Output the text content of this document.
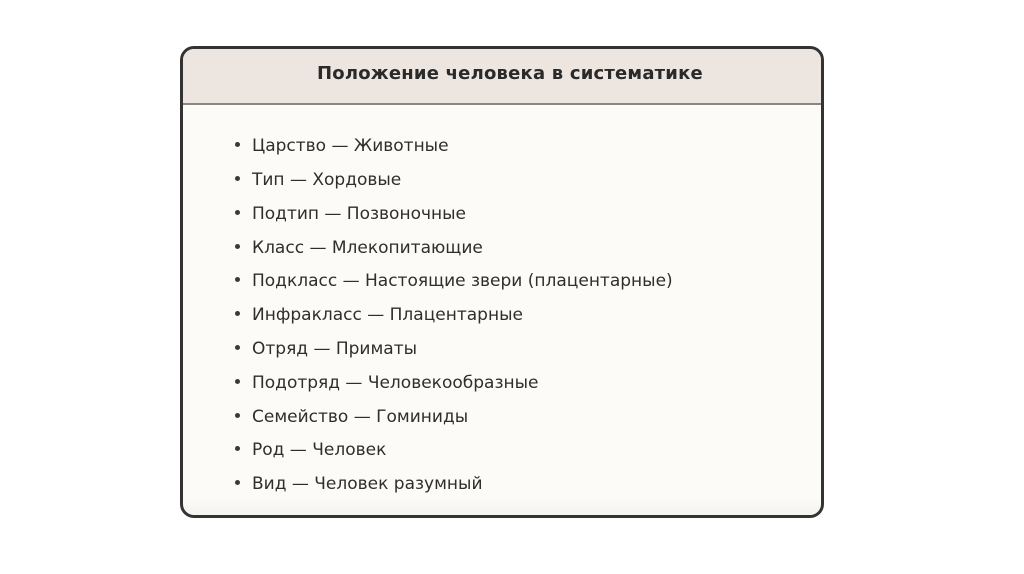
Положение человека в систематике
Царство — Животные
Тип — Хордовые
Подтип — Позвоночные
Класс — Млекопитающие
Подкласс — Настоящие звери (плацентарные)
Инфракласс — Плацентарные
Отряд — Приматы
Подотряд — Человекообразные
Семейство — Гоминиды
Род — Человек
Вид — Человек разумный
